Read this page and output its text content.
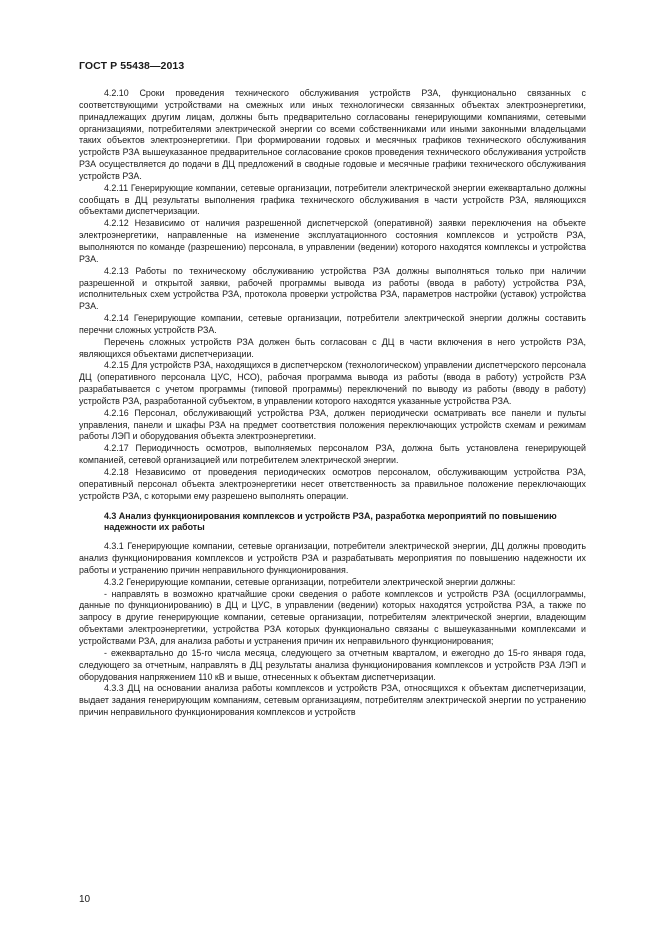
ГОСТ Р 55438—2013

4.2.10 Сроки проведения технического обслуживания устройств РЗА, функционально связанных с соответствующими устройствами на смежных или иных технологически связанных объектах электроэнергетики, принадлежащих другим лицам, должны быть предварительно согласованы генерирующими компаниями, сетевыми организациями, потребителями электрической энергии со всеми собственниками или иными законными владельцами таких объектов электроэнергетики. При формировании годовых и месячных графиков технического обслуживания устройств РЗА вышеуказанное предварительное согласование сроков проведения технического обслуживания устройств РЗА осуществляется до подачи в ДЦ предложений в сводные годовые и месячные графики технического обслуживания устройств РЗА.

4.2.11 Генерирующие компании, сетевые организации, потребители электрической энергии ежеквартально должны сообщать в ДЦ результаты выполнения графика технического обслуживания в части устройств РЗА, являющихся объектами диспетчеризации.

4.2.12 Независимо от наличия разрешенной диспетчерской (оперативной) заявки переключения на объекте электроэнергетики, направленные на изменение эксплуатационного состояния комплексов и устройств РЗА, выполняются по команде (разрешению) персонала, в управлении (ведении) которого находятся комплексы и устройства РЗА.

4.2.13 Работы по техническому обслуживанию устройства РЗА должны выполняться только при наличии разрешенной и открытой заявки, рабочей программы вывода из работы (ввода в работу) устройства РЗА, исполнительных схем устройства РЗА, протокола проверки устройства РЗА, параметров настройки (уставок) устройства РЗА.

4.2.14 Генерирующие компании, сетевые организации, потребители электрической энергии должны составить перечни сложных устройств РЗА.

Перечень сложных устройств РЗА должен быть согласован с ДЦ в части включения в него устройств РЗА, являющихся объектами диспетчеризации.

4.2.15 Для устройств РЗА, находящихся в диспетчерском (технологическом) управлении диспетчерского персонала ДЦ (оперативного персонала ЦУС, НСО), рабочая программа вывода из работы (ввода в работу) устройств РЗА разрабатывается с учетом программы (типовой программы) переключений по выводу из работы (вводу в работу) устройств РЗА, разработанной субъектом, в управлении которого находятся указанные устройства РЗА.

4.2.16 Персонал, обслуживающий устройства РЗА, должен периодически осматривать все панели и пульты управления, панели и шкафы РЗА на предмет соответствия положения переключающих устройств схемам и режимам работы ЛЭП и оборудования объекта электроэнергетики.

4.2.17 Периодичность осмотров, выполняемых персоналом РЗА, должна быть установлена генерирующей компанией, сетевой организацией или потребителем электрической энергии.

4.2.18 Независимо от проведения периодических осмотров персоналом, обслуживающим устройства РЗА, оперативный персонал объекта электроэнергетики несет ответственность за правильное положение переключающих устройств РЗА, с которыми ему разрешено выполнять операции.

4.3 Анализ функционирования комплексов и устройств РЗА, разработка мероприятий по повышению надежности их работы

4.3.1 Генерирующие компании, сетевые организации, потребители электрической энергии, ДЦ должны проводить анализ функционирования комплексов и устройств РЗА и разрабатывать мероприятия по повышению надежности их работы и устранению причин неправильного функционирования.

4.3.2 Генерирующие компании, сетевые организации, потребители электрической энергии должны:

- направлять в возможно кратчайшие сроки сведения о работе комплексов и устройств РЗА (осциллограммы, данные по функционированию) в ДЦ и ЦУС, в управлении (ведении) которых находятся устройства РЗА, а также по запросу в другие генерирующие компании, сетевые организации, потребителям электрической энергии, владеющим объектами электроэнергетики, устройства РЗА которых функционально связаны с вышеуказанными комплексами и устройствами РЗА, для анализа работы и устранения причин их неправильного функционирования;

- ежеквартально до 15-го числа месяца, следующего за отчетным кварталом, и ежегодно до 15-го января года, следующего за отчетным, направлять в ДЦ результаты анализа функционирования комплексов и устройств РЗА ЛЭП и оборудования напряжением 110 кВ и выше, отнесенных к объектам диспетчеризации.

4.3.3 ДЦ на основании анализа работы комплексов и устройств РЗА, относящихся к объектам диспетчеризации, выдает задания генерирующим компаниям, сетевым организациям, потребителям электрической энергии по устранению причин неправильного функционирования комплексов и устройств

10
